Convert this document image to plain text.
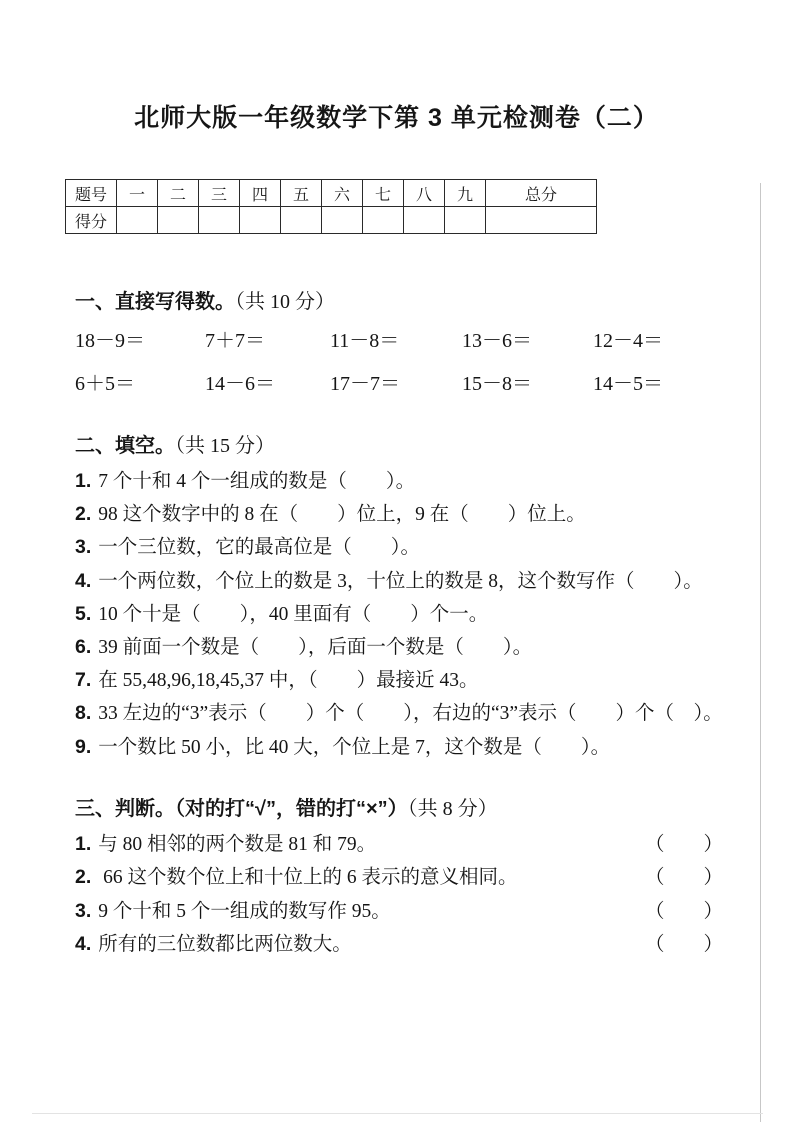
北师大版一年级数学下第 3 单元检测卷（二）
题号	一	二	三	四	五	六	七	八	九	总分
得分										
一、直接写得数。（共 10 分）
18－9＝	7＋7＝	11－8＝	13－6＝	12－4＝
6＋5＝	14－6＝	17－7＝	15－8＝	14－5＝
二、填空。（共 15 分）
1. 7 个十和 4 个一组成的数是（　　）。
2. 98 这个数字中的 8 在（　　）位上，9 在（　　）位上。
3. 一个三位数，它的最高位是（　　）。
4. 一个两位数，个位上的数是 3，十位上的数是 8，这个数写作（　　）。
5. 10 个十是（　　），40 里面有（　　）个一。
6. 39 前面一个数是（　　），后面一个数是（　　）。
7. 在 55,48,96,18,45,37 中，（　　）最接近 43。
8. 33 左边的“3”表示（　　）个（　　），右边的“3”表示（　　）个（　）。
9. 一个数比 50 小，比 40 大，个位上是 7，这个数是（　　）。
三、判断。（对的打“√”，错的打“×”）（共 8 分）
1. 与 80 相邻的两个数是 81 和 79。	（　　）
2. 66 这个数个位上和十位上的 6 表示的意义相同。	（　　）
3. 9 个十和 5 个一组成的数写作 95。	（　　）
4. 所有的三位数都比两位数大。	（　　）
